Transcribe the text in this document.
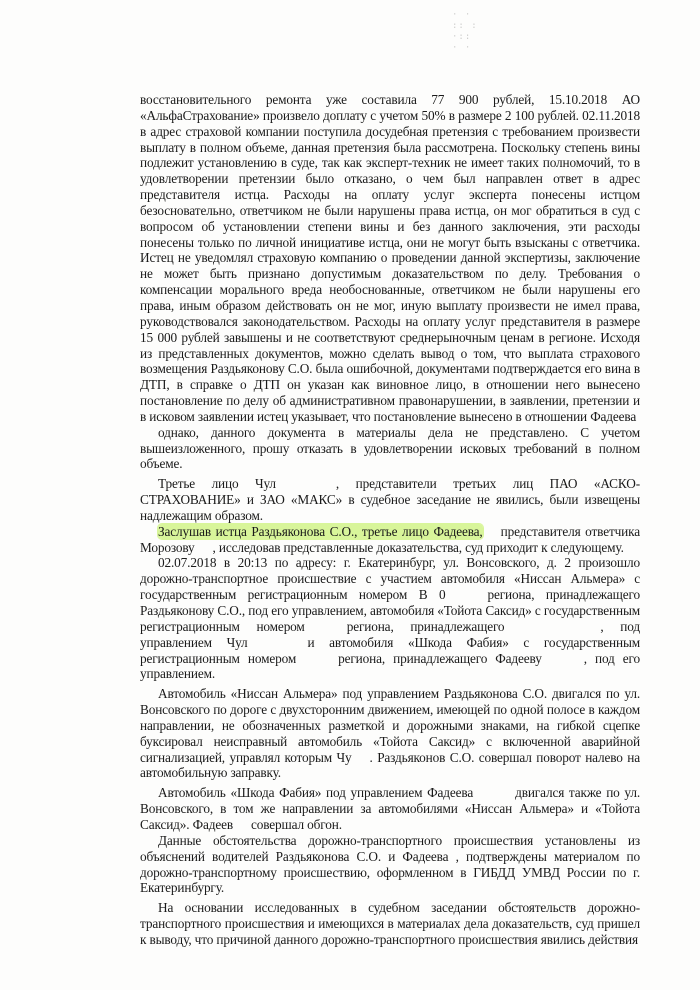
· ·
:: :
·::
· ·

восстановительного ремонта уже составила 77 900 рублей, 15.10.2018 АО «АльфаСтрахование» произвело доплату с учетом 50% в размере 2 100 рублей. 02.11.2018 в адрес страховой компании поступила досудебная претензия с требованием произвести выплату в полном объеме, данная претензия была рассмотрена. Поскольку степень вины подлежит установлению в суде, так как эксперт-техник не имеет таких полномочий, то в удовлетворении претензии было отказано, о чем был направлен ответ в адрес представителя истца. Расходы на оплату услуг эксперта понесены истцом безосновательно, ответчиком не были нарушены права истца, он мог обратиться в суд с вопросом об установлении степени вины и без данного заключения, эти расходы понесены только по личной инициативе истца, они не могут быть взысканы с ответчика. Истец не уведомлял страховую компанию о проведении данной экспертизы, заключение не может быть признано допустимым доказательством по делу. Требования о компенсации морального вреда необоснованные, ответчиком не были нарушены его права, иным образом действовать он не мог, иную выплату произвести не имел права, руководствовался законодательством. Расходы на оплату услуг представителя в размере 15 000 рублей завышены и не соответствуют среднерыночным ценам в регионе. Исходя из представленных документов, можно сделать вывод о том, что выплата страхового возмещения Раздьяконову С.О. была ошибочной, документами подтверждается его вина в ДТП, в справке о ДТП он указан как виновное лицо, в отношении него вынесено постановление по делу об административном правонарушении, в заявлении, претензии и в исковом заявлении истец указывает, что постановление вынесено в отношении Фадеева

однако, данного документа в материалы дела не представлено. С учетом вышеизложенного, прошу отказать в удовлетворении исковых требований в полном объеме.

Третье лицо Чул	, представители третьих лиц ПАО «АСКО-СТРАХОВАНИЕ» и ЗАО «МАКС» в судебное заседание не явились, были извещены надлежащим образом.

Заслушав истца Раздьяконова С.О., третье лицо Фадеева, представителя ответчика Морозову , исследовав представленные доказательства, суд приходит к следующему.

02.07.2018 в 20:13 по адресу: г. Екатеринбург, ул. Вонсовского, д. 2 произошло дорожно-транспортное происшествие с участием автомобиля «Ниссан Альмера» с государственным регистрационным номером В 0	региона, принадлежащего Раздьяконову С.О., под его управлением, автомобиля «Тойота Саксид» с государственным регистрационным номером	региона, принадлежащего	, под управлением Чул	и автомобиля «Шкода Фабия» с государственным регистрационным номером	региона, принадлежащего Фадееву	, под его управлением.

Автомобиль «Ниссан Альмера» под управлением Раздьяконова С.О. двигался по ул. Вонсовского по дороге с двухсторонним движением, имеющей по одной полосе в каждом направлении, не обозначенных разметкой и дорожными знаками, на гибкой сцепке буксировал неисправный автомобиль «Тойота Саксид» с включенной аварийной сигнализацией, управлял которым Чу . Раздьяконов С.О. совершал поворот налево на автомобильную заправку.

Автомобиль «Шкода Фабия» под управлением Фадеева	двигался также по ул. Вонсовского, в том же направлении за автомобилями «Ниссан Альмера» и «Тойота Саксид». Фадеев совершал обгон.

Данные обстоятельства дорожно-транспортного происшествия установлены из объяснений водителей Раздьяконова С.О. и Фадеева , подтверждены материалом по дорожно-транспортному происшествию, оформленном в ГИБДД УМВД России по г. Екатеринбургу.

На основании исследованных в судебном заседании обстоятельств дорожно-транспортного происшествия и имеющихся в материалах дела доказательств, суд пришел к выводу, что причиной данного дорожно-транспортного происшествия явились действия
